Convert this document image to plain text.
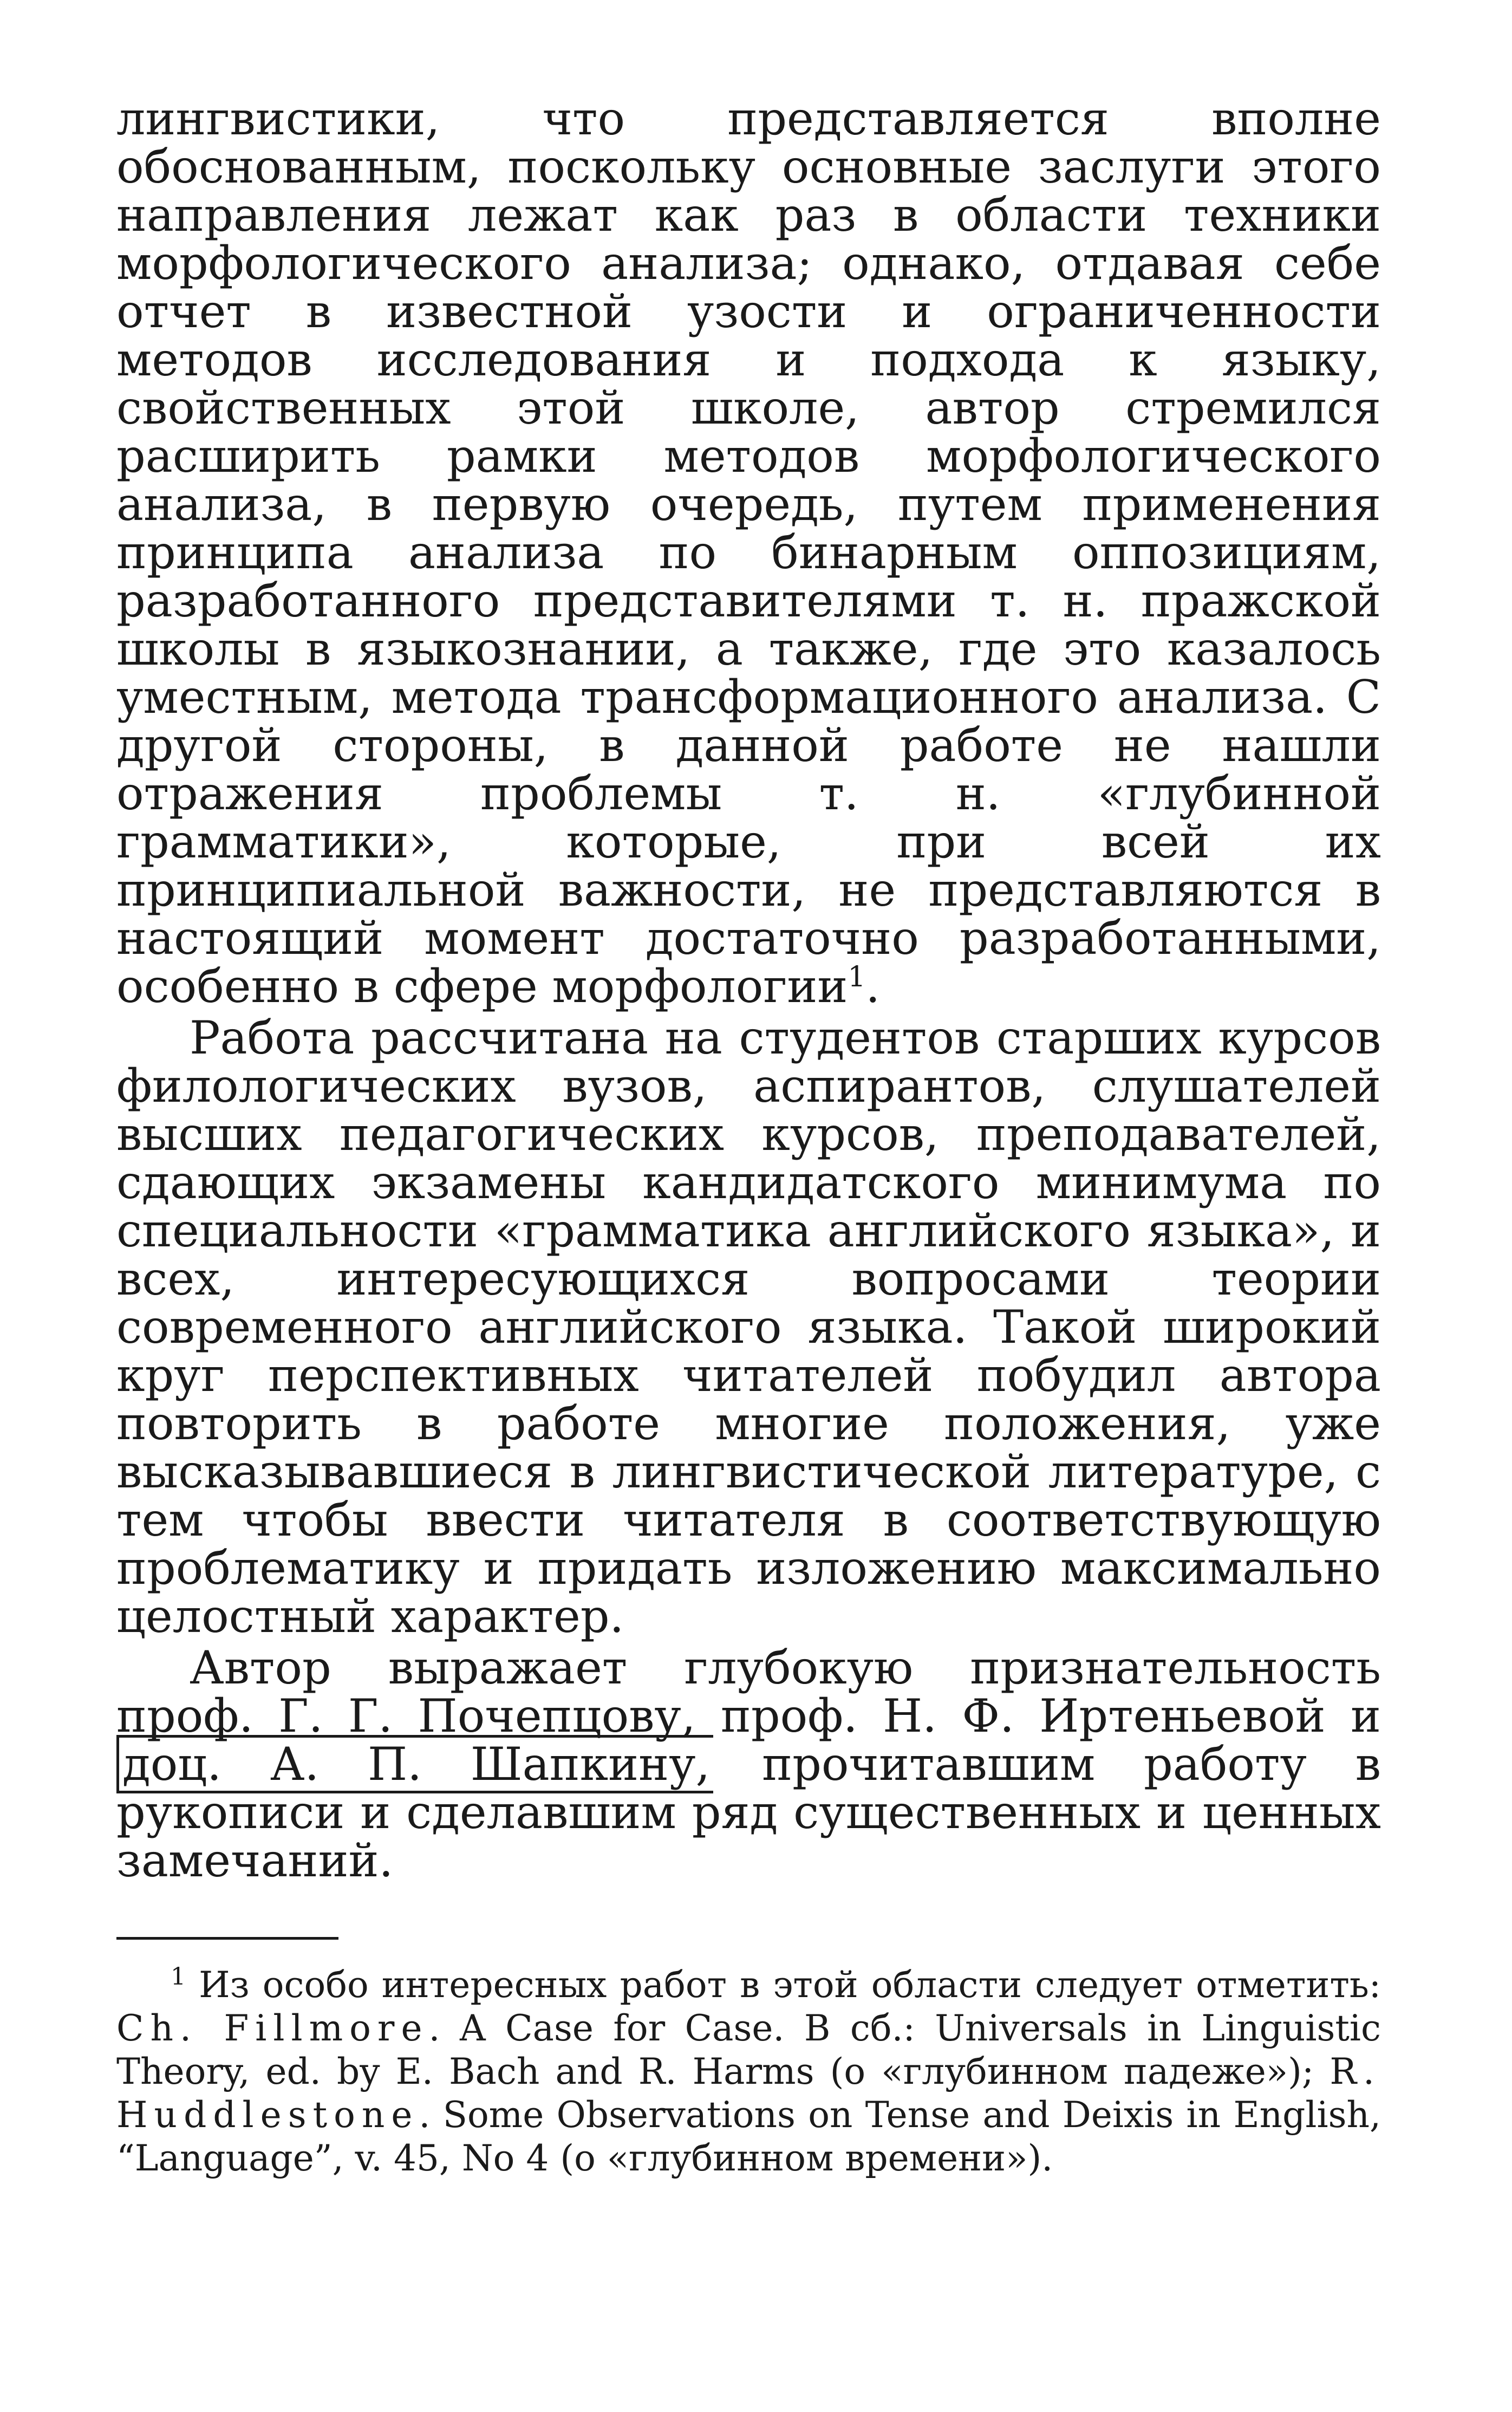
лингвистики, что представляется вполне обоснованным, поскольку основные заслуги этого направления лежат как раз в области техники морфологического анализа; однако, отдавая себе отчет в известной узости и ограниченности методов исследования и подхода к языку, свойственных этой школе, автор стремился расширить рамки методов морфологического анализа, в первую очередь, путем применения принципа анализа по бинарным оппозициям, разработанного представителями т. н. пражской школы в языкознании, а также, где это казалось уместным, метода трансформационного анализа. С другой стороны, в данной работе не нашли отражения проблемы т. н. «глубинной грамматики», которые, при всей их принципиальной важности, не представляются в настоящий момент достаточно разработанными, особенно в сфере морфологии$^1$.

Работа рассчитана на студентов старших курсов филологических вузов, аспирантов, слушателей высших педагогических курсов, преподавателей, сдающих экзамены кандидатского минимума по специальности «грамматика английского языка», и всех, интересующихся вопросами теории современного английского языка. Такой широкий круг перспективных читателей побудил автора повторить в работе многие положения, уже высказывавшиеся в лингвистической литературе, с тем чтобы ввести читателя в соответствующую проблематику и придать изложению максимально целостный характер.

Автор выражает глубокую признательность проф. Г. Г. Почепцову, проф. Н. Ф. Иртеньевой и доц. А. П. Шапкину, прочитавшим работу в рукописи и сделавшим ряд существенных и ценных замечаний.

$^1$ Из особо интересных работ в этой области следует отметить: Ch. Fillmore. A Case for Case. В сб.: Universals in Linguistic Theory, ed. by E. Bach and R. Harms (о «глубинном падеже»); R. Huddlestone. Some Observations on Tense and Deixis in English, “Language”, v. 45, No 4 (о «глубинном времени»).
